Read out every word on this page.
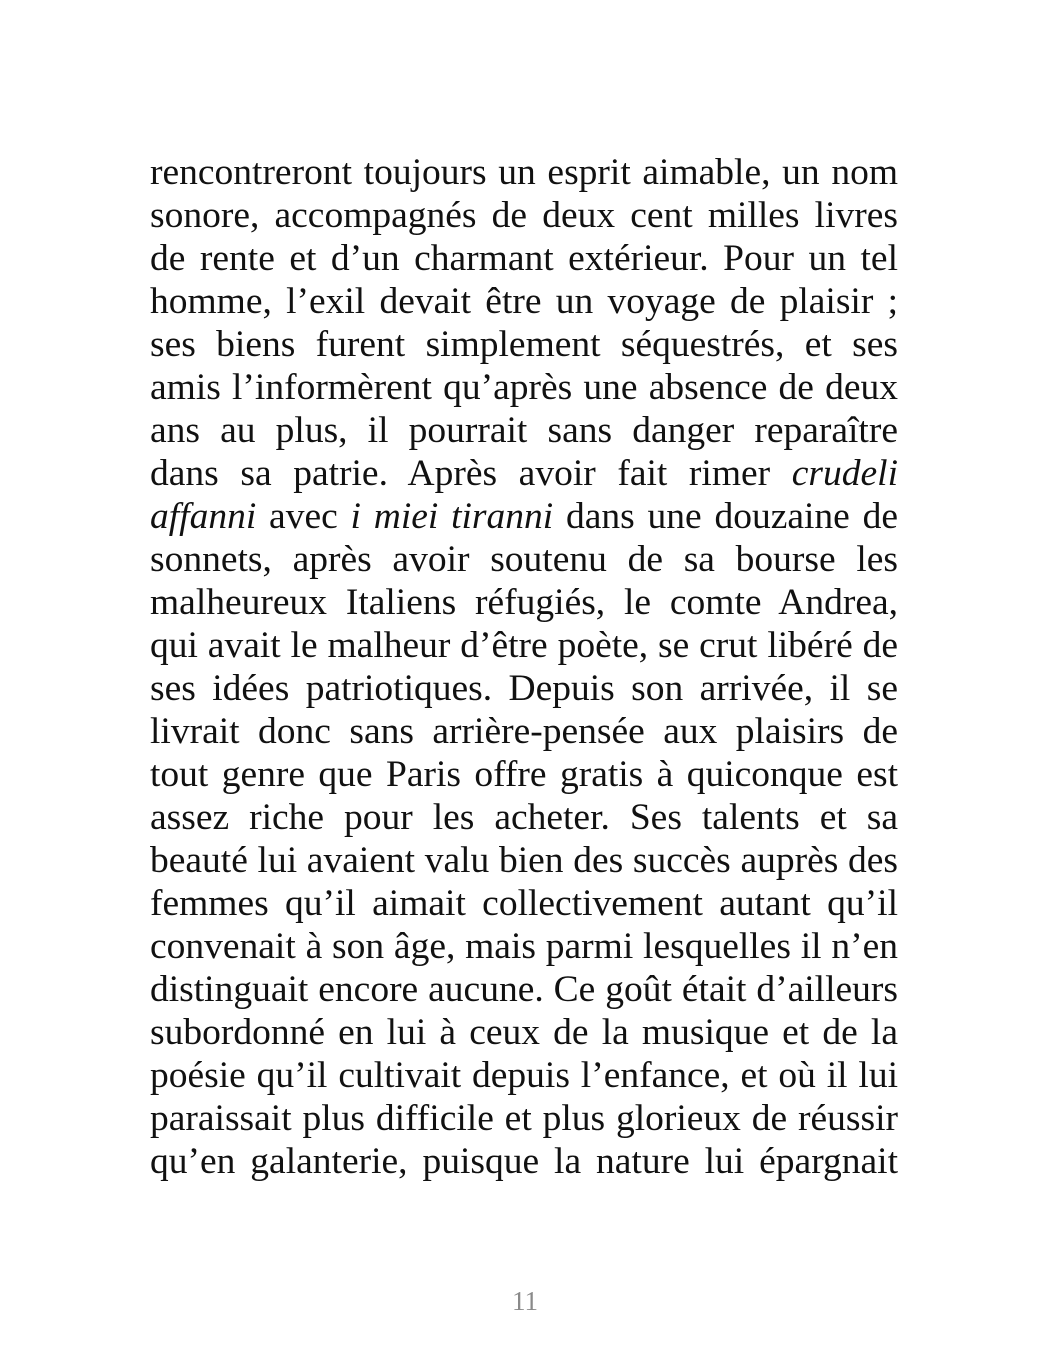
rencontreront toujours un esprit aimable, un nom
sonore, accompagnés de deux cent milles livres
de rente et d’un charmant extérieur. Pour un tel
homme, l’exil devait être un voyage de plaisir ;
ses biens furent simplement séquestrés, et ses
amis l’informèrent qu’après une absence de deux
ans au plus, il pourrait sans danger reparaître
dans sa patrie. Après avoir fait rimer crudeli
affanni avec i miei tiranni dans une douzaine de
sonnets, après avoir soutenu de sa bourse les
malheureux Italiens réfugiés, le comte Andrea,
qui avait le malheur d’être poète, se crut libéré de
ses idées patriotiques. Depuis son arrivée, il se
livrait donc sans arrière-pensée aux plaisirs de
tout genre que Paris offre gratis à quiconque est
assez riche pour les acheter. Ses talents et sa
beauté lui avaient valu bien des succès auprès des
femmes qu’il aimait collectivement autant qu’il
convenait à son âge, mais parmi lesquelles il n’en
distinguait encore aucune. Ce goût était d’ailleurs
subordonné en lui à ceux de la musique et de la
poésie qu’il cultivait depuis l’enfance, et où il lui
paraissait plus difficile et plus glorieux de réussir
qu’en galanterie, puisque la nature lui épargnait
11
